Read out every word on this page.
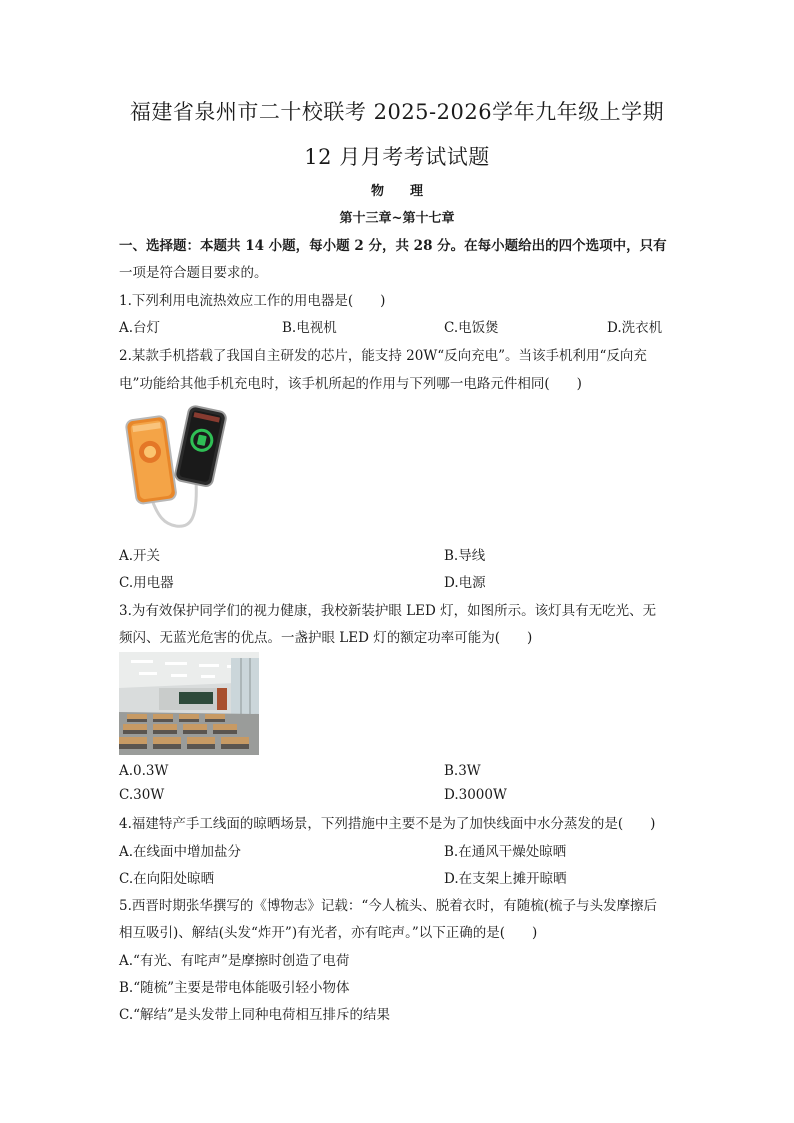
福建省泉州市二十校联考 2025-2026学年九年级上学期
12 月月考考试试题
物　　理
第十三章~第十七章
一、选择题：本题共 14 小题，每小题 2 分，共 28 分。在每小题给出的四个选项中，只有
一项是符合题目要求的。
1.下列利用电流热效应工作的用电器是(　　)
A.台灯	B.电视机	C.电饭煲	D.洗衣机
2.某款手机搭载了我国自主研发的芯片，能支持 20W“反向充电”。当该手机利用“反向充
电”功能给其他手机充电时，该手机所起的作用与下列哪一电路元件相同(　　)
A.开关	B.导线
C.用电器	D.电源
3.为有效保护同学们的视力健康，我校新装护眼 LED 灯，如图所示。该灯具有无吃光、无
频闪、无蓝光危害的优点。一盏护眼 LED 灯的额定功率可能为(　　)
A.0.3W	B.3W
C.30W	D.3000W
4.福建特产手工线面的晾晒场景，下列措施中主要不是为了加快线面中水分蒸发的是(　　)
A.在线面中增加盐分	B.在通风干燥处晾晒
C.在向阳处晾晒	D.在支架上摊开晾晒
5.西晋时期张华撰写的《博物志》记载：“今人梳头、脱着衣时，有随梳(梳子与头发摩擦后
相互吸引)、解结(头发“炸开”)有光者，亦有咤声。”以下正确的是(　　)
A.“有光、有咤声”是摩擦时创造了电荷
B.“随梳”主要是带电体能吸引轻小物体
C.“解结”是头发带上同种电荷相互排斥的结果
